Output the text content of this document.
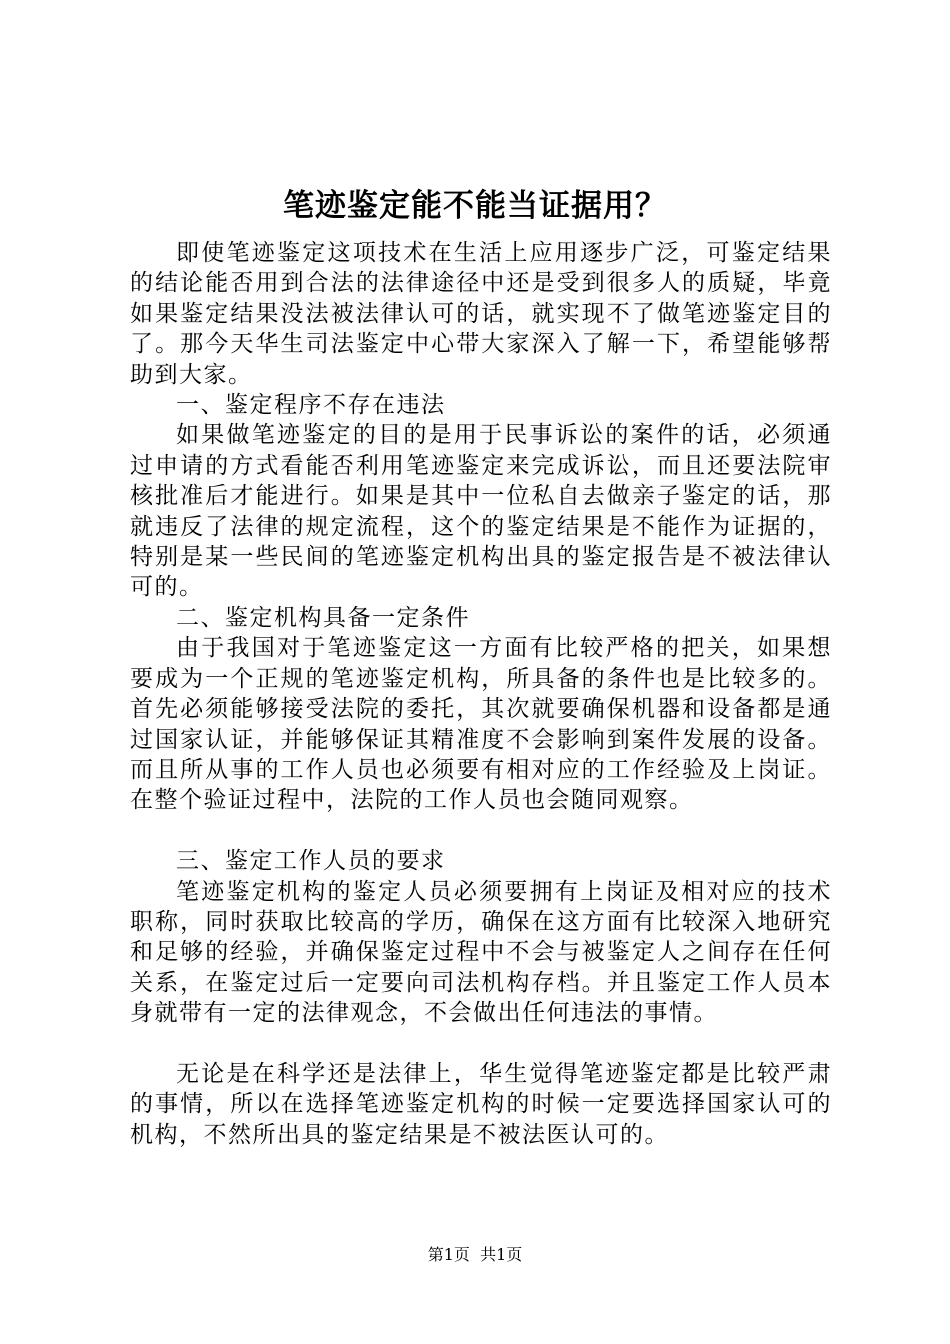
笔迹鉴定能不能当证据用？

即使笔迹鉴定这项技术在生活上应用逐步广泛，可鉴定结果的结论能否用到合法的法律途径中还是受到很多人的质疑，毕竟如果鉴定结果没法被法律认可的话，就实现不了做笔迹鉴定目的了。那今天华生司法鉴定中心带大家深入了解一下，希望能够帮助到大家。

一、鉴定程序不存在违法

如果做笔迹鉴定的目的是用于民事诉讼的案件的话，必须通过申请的方式看能否利用笔迹鉴定来完成诉讼，而且还要法院审核批准后才能进行。如果是其中一位私自去做亲子鉴定的话，那就违反了法律的规定流程，这个的鉴定结果是不能作为证据的，特别是某一些民间的笔迹鉴定机构出具的鉴定报告是不被法律认可的。

二、鉴定机构具备一定条件

由于我国对于笔迹鉴定这一方面有比较严格的把关，如果想要成为一个正规的笔迹鉴定机构，所具备的条件也是比较多的。首先必须能够接受法院的委托，其次就要确保机器和设备都是通过国家认证，并能够保证其精准度不会影响到案件发展的设备。而且所从事的工作人员也必须要有相对应的工作经验及上岗证。在整个验证过程中，法院的工作人员也会随同观察。

三、鉴定工作人员的要求

笔迹鉴定机构的鉴定人员必须要拥有上岗证及相对应的技术职称，同时获取比较高的学历，确保在这方面有比较深入地研究和足够的经验，并确保鉴定过程中不会与被鉴定人之间存在任何关系，在鉴定过后一定要向司法机构存档。并且鉴定工作人员本身就带有一定的法律观念，不会做出任何违法的事情。

无论是在科学还是法律上，华生觉得笔迹鉴定都是比较严肃的事情，所以在选择笔迹鉴定机构的时候一定要选择国家认可的机构，不然所出具的鉴定结果是不被法医认可的。

第1页 共1页
